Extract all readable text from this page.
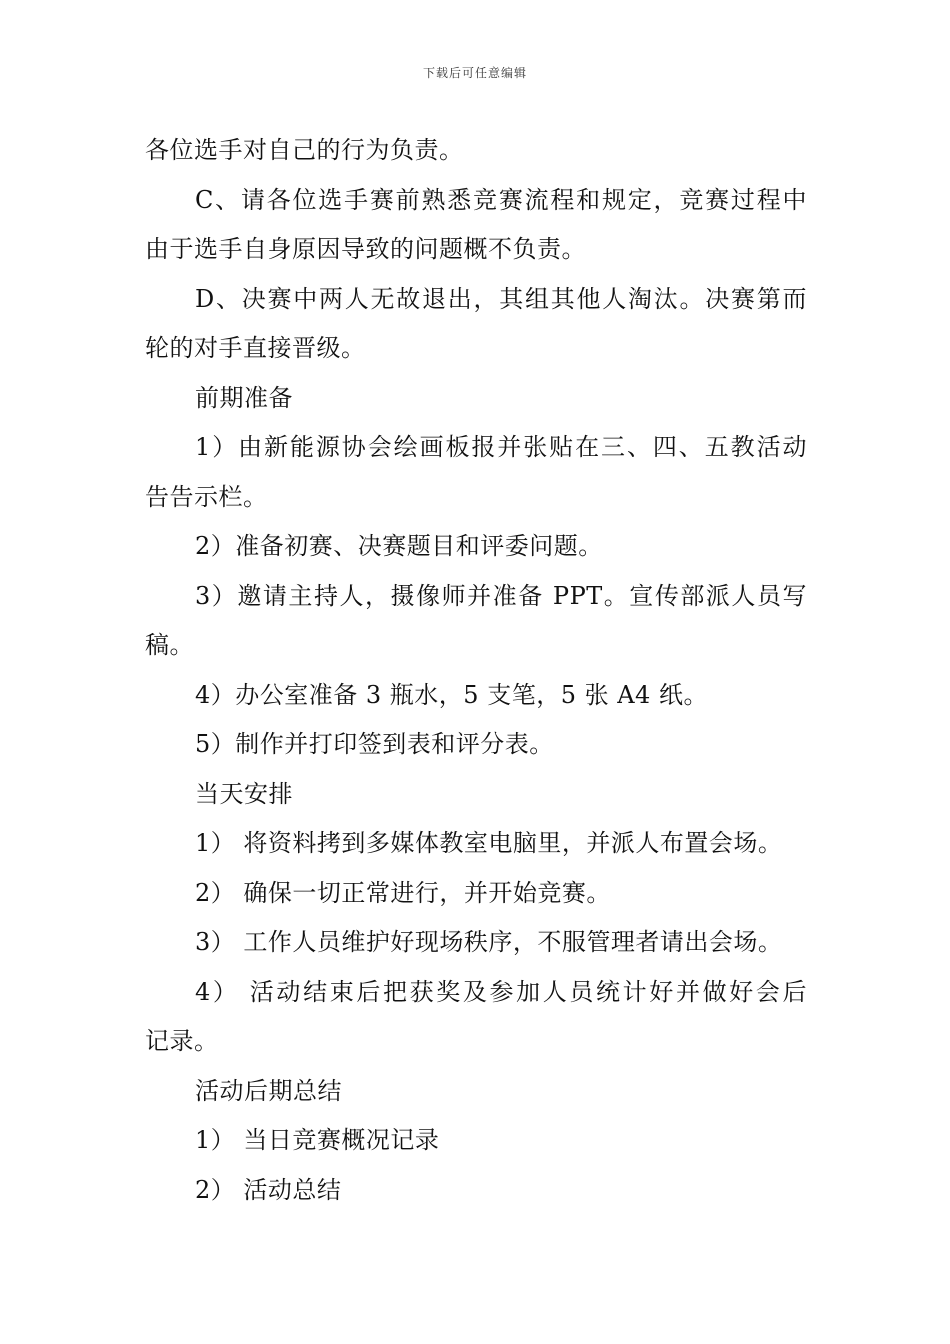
下载后可任意编辑
各位选手对自己的行为负责。
C、请各位选手赛前熟悉竞赛流程和规定，竞赛过程中
由于选手自身原因导致的问题概不负责。
D、决赛中两人无故退出，其组其他人淘汰。决赛第而
轮的对手直接晋级。
前期准备
1）由新能源协会绘画板报并张贴在三、四、五教活动
告告示栏。
2）准备初赛、决赛题目和评委问题。
3）邀请主持人，摄像师并准备 PPT。宣传部派人员写
稿。
4）办公室准备 3 瓶水，5 支笔，5 张 A4 纸。
5）制作并打印签到表和评分表。
当天安排
1） 将资料拷到多媒体教室电脑里，并派人布置会场。
2） 确保一切正常进行，并开始竞赛。
3） 工作人员维护好现场秩序，不服管理者请出会场。
4） 活动结束后把获奖及参加人员统计好并做好会后
记录。
活动后期总结
1） 当日竞赛概况记录
2） 活动总结
